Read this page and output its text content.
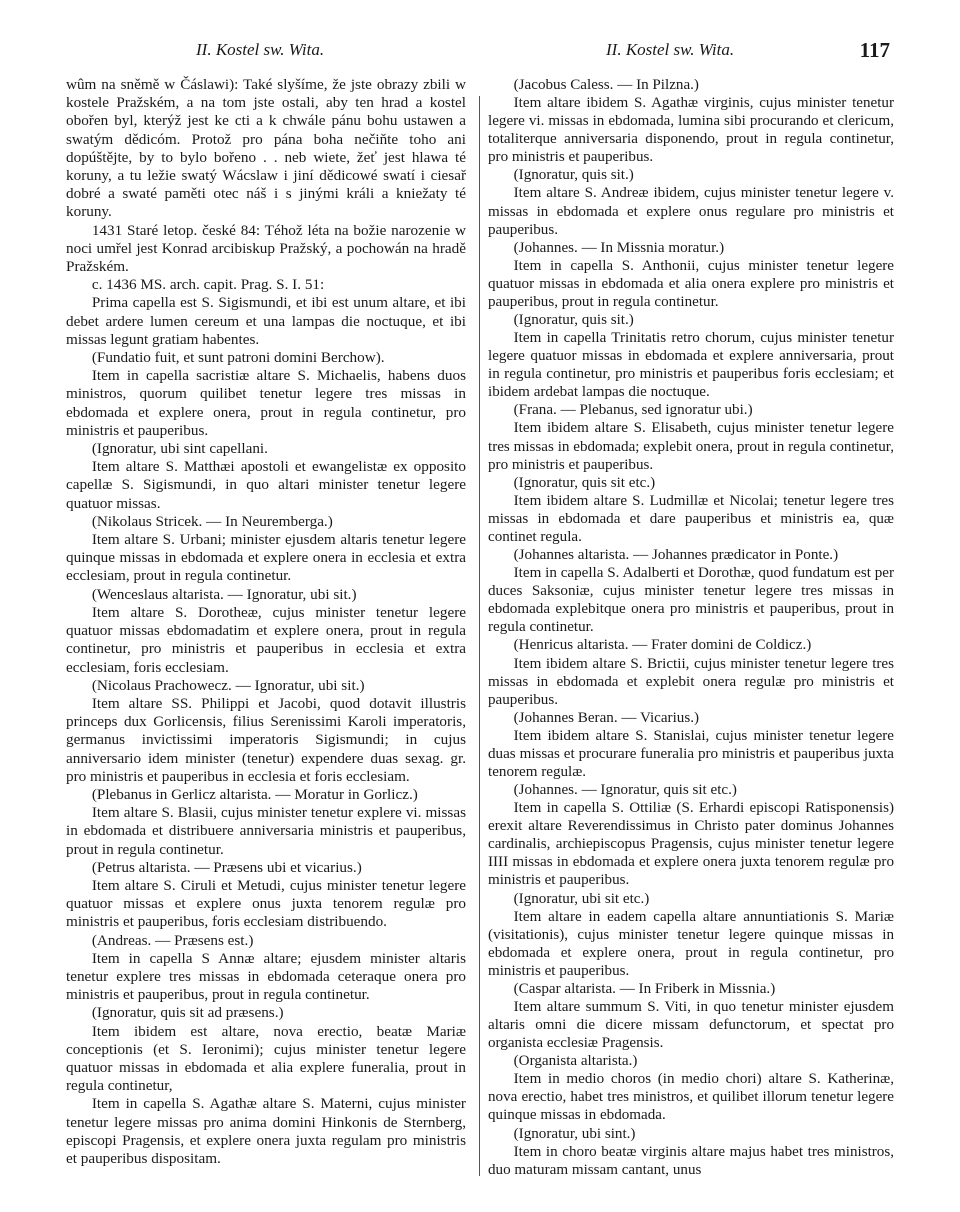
II. Kostel sw. Wita.	II. Kostel sw. Wita.	117

wûm na sněmě w Čáslawi): Také slyšíme, že jste obrazy zbili w kostele Pražském, a na tom jste ostali, aby ten hrad a kostel obořen byl, kterýž jest ke cti a k chwále pánu bohu ustawen a swatým dědicóm. Protož pro pána boha nečiňte toho ani dopúštějte, by to bylo bořeno . . neb wiete, žeť jest hlawa té koruny, a tu ležie swatý Wácslaw i jiní dědicowé swatí i ciesař dobré a swaté paměti otec náš i s jinými králi a kniežaty té koruny.

1431 Staré letop. české 84: Téhož léta na božie narozenie w noci umřel jest Konrad arcibiskup Pražský, a pochowán na hradě Pražském.

c. 1436 MS. arch. capit. Prag. S. I. 51:

Prima capella est S. Sigismundi, et ibi est unum altare, et ibi debet ardere lumen cereum et una lampas die noctuque, et ibi missas legunt gratiam habentes.

(Fundatio fuit, et sunt patroni domini Berchow).

Item in capella sacristiæ altare S. Michaelis, habens duos ministros, quorum quilibet tenetur legere tres missas in ebdomada et explere onera, prout in regula continetur, pro ministris et pauperibus.

(Ignoratur, ubi sint capellani.

Item altare S. Matthæi apostoli et ewangelistæ ex opposito capellæ S. Sigismundi, in quo altari minister tenetur legere quatuor missas.

(Nikolaus Stricek. — In Neuremberga.)

Item altare S. Urbani; minister ejusdem altaris tenetur legere quinque missas in ebdomada et explere onera in ecclesia et extra ecclesiam, prout in regula continetur.

(Wenceslaus altarista. — Ignoratur, ubi sit.)

Item altare S. Dorotheæ, cujus minister tenetur legere quatuor missas ebdomadatim et explere onera, prout in regula continetur, pro ministris et pauperibus in ecclesia et extra ecclesiam, foris ecclesiam.

(Nicolaus Prachowecz. — Ignoratur, ubi sit.)

Item altare SS. Philippi et Jacobi, quod dotavit illustris princeps dux Gorlicensis, filius Serenissimi Karoli imperatoris, germanus invictissimi imperatoris Sigismundi; in cujus anniversario idem minister (tenetur) expendere duas sexag. gr. pro ministris et pauperibus in ecclesia et foris ecclesiam.

(Plebanus in Gerlicz altarista. — Moratur in Gorlicz.)

Item altare S. Blasii, cujus minister tenetur explere vi. missas in ebdomada et distribuere anniversaria ministris et pauperibus, prout in regula continetur.

(Petrus altarista. — Præsens ubi et vicarius.)

Item altare S. Ciruli et Metudi, cujus minister tenetur legere quatuor missas et explere onus juxta tenorem regulæ pro ministris et pauperibus, foris ecclesiam distribuendo.

(Andreas. — Præsens est.)

Item in capella S Annæ altare; ejusdem minister altaris tenetur explere tres missas in ebdomada ceteraque onera pro ministris et pauperibus, prout in regula continetur.

(Ignoratur, quis sit ad præsens.)

Item ibidem est altare, nova erectio, beatæ Mariæ conceptionis (et S. Ieronimi); cujus minister tenetur legere quatuor missas in ebdomada et alia explere funeralia, prout in regula continetur,

Item in capella S. Agathæ altare S. Materni, cujus minister tenetur legere missas pro anima domini Hinkonis de Sternberg, episcopi Pragensis, et explere onera juxta regulam pro ministris et pauperibus dispositam.

(Jacobus Caless. — In Pilzna.)

Item altare ibidem S. Agathæ virginis, cujus minister tenetur legere vi. missas in ebdomada, lumina sibi procurando et clericum, totaliterque anniversaria disponendo, prout in regula continetur, pro ministris et pauperibus.

(Ignoratur, quis sit.)

Item altare S. Andreæ ibidem, cujus minister tenetur legere v. missas in ebdomada et explere onus regulare pro ministris et pauperibus.

(Johannes. — In Missnia moratur.)

Item in capella S. Anthonii, cujus minister tenetur legere quatuor missas in ebdomada et alia onera explere pro ministris et pauperibus, prout in regula continetur.

(Ignoratur, quis sit.)

Item in capella Trinitatis retro chorum, cujus minister tenetur legere quatuor missas in ebdomada et explere anniversaria, prout in regula continetur, pro ministris et pauperibus foris ecclesiam; et ibidem ardebat lampas die noctuque.

(Frana. — Plebanus, sed ignoratur ubi.)

Item ibidem altare S. Elisabeth, cujus minister tenetur legere tres missas in ebdomada; explebit onera, prout in regula continetur, pro ministris et pauperibus.

(Ignoratur, quis sit etc.)

Item ibidem altare S. Ludmillæ et Nicolai; tenetur legere tres missas in ebdomada et dare pauperibus et ministris ea, quæ continet regula.

(Johannes altarista. — Johannes prædicator in Ponte.)

Item in capella S. Adalberti et Dorothæ, quod fundatum est per duces Saksoniæ, cujus minister tenetur legere tres missas in ebdomada explebitque onera pro ministris et pauperibus, prout in regula continetur.

(Henricus altarista. — Frater domini de Coldicz.)

Item ibidem altare S. Brictii, cujus minister tenetur legere tres missas in ebdomada et explebit onera regulæ pro ministris et pauperibus.

(Johannes Beran. — Vicarius.)

Item ibidem altare S. Stanislai, cujus minister tenetur legere duas missas et procurare funeralia pro ministris et pauperibus juxta tenorem regulæ.

(Johannes. — Ignoratur, quis sit etc.)

Item in capella S. Ottiliæ (S. Erhardi episcopi Ratisponensis) erexit altare Reverendissimus in Christo pater dominus Johannes cardinalis, archiepiscopus Pragensis, cujus minister tenetur legere IIII missas in ebdomada et explere onera juxta tenorem regulæ pro ministris et pauperibus.

(Ignoratur, ubi sit etc.)

Item altare in eadem capella altare annuntiationis S. Mariæ (visitationis), cujus minister tenetur legere quinque missas in ebdomada et explere onera, prout in regula continetur, pro ministris et pauperibus.

(Caspar altarista. — In Friberk in Missnia.)

Item altare summum S. Viti, in quo tenetur minister ejusdem altaris omni die dicere missam defunctorum, et spectat pro organista ecclesiæ Pragensis.

(Organista altarista.)

Item in medio choros (in medio chori) altare S. Katherinæ, nova erectio, habet tres ministros, et quilibet illorum tenetur legere quinque missas in ebdomada.

(Ignoratur, ubi sint.)

Item in choro beatæ virginis altare majus habet tres ministros, duo maturam missam cantant, unus
